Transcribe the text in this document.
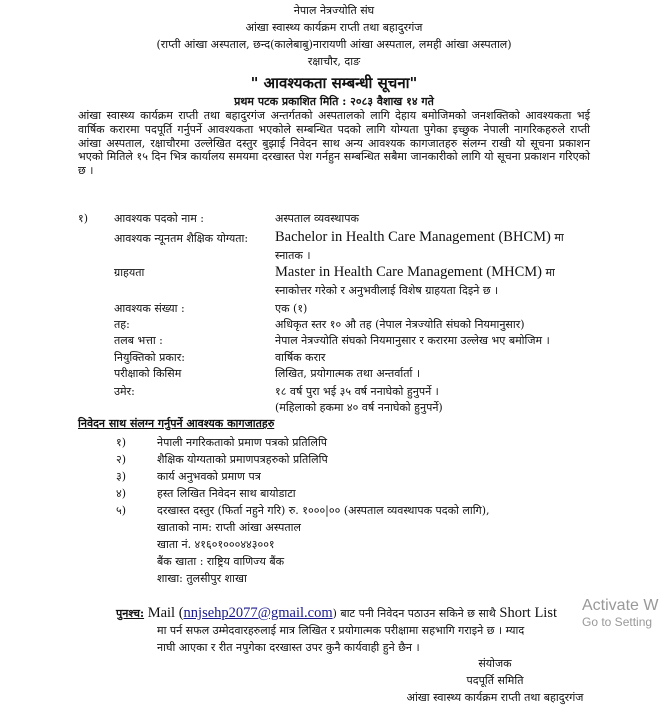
नेपाल नेत्रज्योति संघ
आंखा स्वास्थ्य कार्यक्रम राप्ती तथा बहादुरगंज
(राप्ती आंखा अस्पताल, छन्द(कालेबाबु)नारायणी आंखा अस्पताल, लमही आंखा अस्पताल)
रक्षाचौर, दाङ
" आवश्यकता सम्बन्धी सूचना"
प्रथम पटक प्रकाशित मिति : २०८३ वैशाख १४ गते

आंखा स्वास्थ्य कार्यक्रम राप्ती तथा बहादुरगंज अन्तर्गतको अस्पतालको लागि देहाय बमोजिमको जनशक्तिको आवश्यकता भई वार्षिक करारमा पदपूर्ति गर्नुपर्ने आवश्यकता भएकोले सम्बन्धित पदको लागि योग्यता पुगेका इच्छुक नेपाली नागरिकहरुले राप्ती आंखा अस्पताल, रक्षाचौरमा उल्लेखित दस्तुर बुझाई निवेदन साथ अन्य आवश्यक कागजातहरु संलग्न राखी यो सूचना प्रकाशन भएको मितिले १५ दिन भित्र कार्यालय समयमा दरखास्त पेश गर्नहुन सम्बन्धित सबैमा जानकारीको लागि यो सूचना प्रकाशन गरिएको छ ।

१) आवश्यक पदको नाम :	अस्पताल व्यवस्थापक
आवश्यक न्यूनतम शैक्षिक योग्यता:	Bachelor in Health Care Management (BHCM) मा
स्नातक ।
ग्राहयता	Master in Health Care Management (MHCM) मा
स्नाकोत्तर गरेको र अनुभवीलाई विशेष ग्राहयता दिइने छ ।
आवश्यक संख्या :	एक (१)
तह:	अधिकृत स्तर १० औ तह (नेपाल नेत्रज्योति संघको नियमानुसार)
तलब भत्ता :	नेपाल नेत्रज्योति संघको नियमानुसार र करारमा उल्लेख भए बमोजिम ।
नियुक्तिको प्रकार:	वार्षिक करार
परीक्षाको किसिम	लिखित, प्रयोगात्मक तथा अन्तर्वार्ता ।
उमेर:	१८ वर्ष पुरा भई ३५ वर्ष ननाघेको हुनुपर्ने ।
(महिलाको हकमा ४० वर्ष ननाघेको हुनुपर्ने)
निवेदन साथ संलग्न गर्नुपर्ने आवश्यक कागजातहरु
१)	नेपाली नगरिकताको प्रमाण पत्रको प्रतिलिपि
२)	शैक्षिक योग्यताको प्रमाणपत्रहरुको प्रतिलिपि
३)	कार्य अनुभवको प्रमाण पत्र
४)	हस्त लिखित निवेदन साथ बायोडाटा
५)	दरखास्त दस्तुर (फिर्ता नहुने गरि) रु. १०००|०० (अस्पताल व्यवस्थापक पदको लागि),
खाताको नाम: राप्ती आंखा अस्पताल
खाता नं. ४१६०१०००४४३००१
बैंक खाता : राष्ट्रिय वाणिज्य बैंक
शाखा: तुलसीपुर शाखा
पुनश्च: Mail (nnjsehp2077@gmail.com) बाट पनी निवेदन पठाउन सकिने छ साथै Short List
मा पर्न सफल उम्मेदवारहरुलाई मात्र लिखित र प्रयोगात्मक परीक्षामा सहभागि गराइने छ । म्याद
नाघी आएका र रीत नपुगेका दरखास्त उपर कुनै कार्यवाही हुने छैन ।
संयोजक
पदपूर्ति समिति
आंखा स्वास्थ्य कार्यक्रम राप्ती तथा बहादुरगंज
Activate W
Go to Setting
